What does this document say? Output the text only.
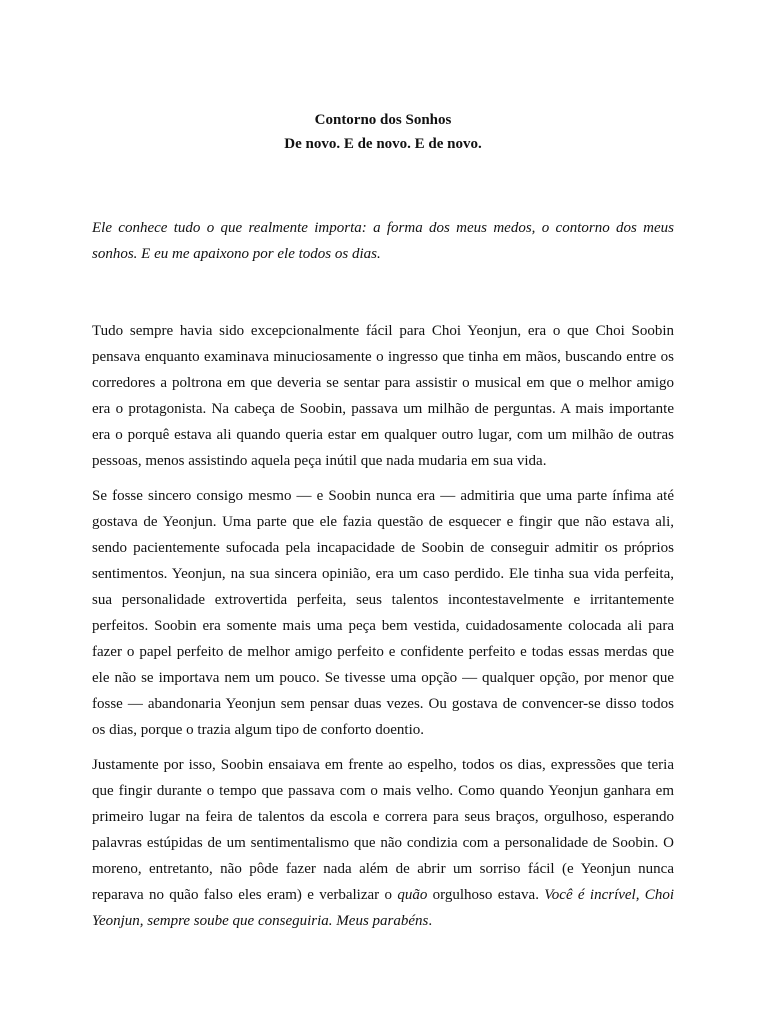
Contorno dos Sonhos

De novo. E de novo. E de novo.

Ele conhece tudo o que realmente importa: a forma dos meus medos, o contorno dos meus sonhos. E eu me apaixono por ele todos os dias.

Tudo sempre havia sido excepcionalmente fácil para Choi Yeonjun, era o que Choi Soobin pensava enquanto examinava minuciosamente o ingresso que tinha em mãos, buscando entre os corredores a poltrona em que deveria se sentar para assistir o musical em que o melhor amigo era o protagonista. Na cabeça de Soobin, passava um milhão de perguntas. A mais importante era o porquê estava ali quando queria estar em qualquer outro lugar, com um milhão de outras pessoas, menos assistindo aquela peça inútil que nada mudaria em sua vida.

Se fosse sincero consigo mesmo — e Soobin nunca era — admitiria que uma parte ínfima até gostava de Yeonjun. Uma parte que ele fazia questão de esquecer e fingir que não estava ali, sendo pacientemente sufocada pela incapacidade de Soobin de conseguir admitir os próprios sentimentos. Yeonjun, na sua sincera opinião, era um caso perdido. Ele tinha sua vida perfeita, sua personalidade extrovertida perfeita, seus talentos incontestavelmente e irritantemente perfeitos. Soobin era somente mais uma peça bem vestida, cuidadosamente colocada ali para fazer o papel perfeito de melhor amigo perfeito e confidente perfeito e todas essas merdas que ele não se importava nem um pouco. Se tivesse uma opção — qualquer opção, por menor que fosse — abandonaria Yeonjun sem pensar duas vezes. Ou gostava de convencer-se disso todos os dias, porque o trazia algum tipo de conforto doentio.

Justamente por isso, Soobin ensaiava em frente ao espelho, todos os dias, expressões que teria que fingir durante o tempo que passava com o mais velho. Como quando Yeonjun ganhara em primeiro lugar na feira de talentos da escola e correra para seus braços, orgulhoso, esperando palavras estúpidas de um sentimentalismo que não condizia com a personalidade de Soobin. O moreno, entretanto, não pôde fazer nada além de abrir um sorriso fácil (e Yeonjun nunca reparava no quão falso eles eram) e verbalizar o quão orgulhoso estava. Você é incrível, Choi Yeonjun, sempre soube que conseguiria. Meus parabéns.
